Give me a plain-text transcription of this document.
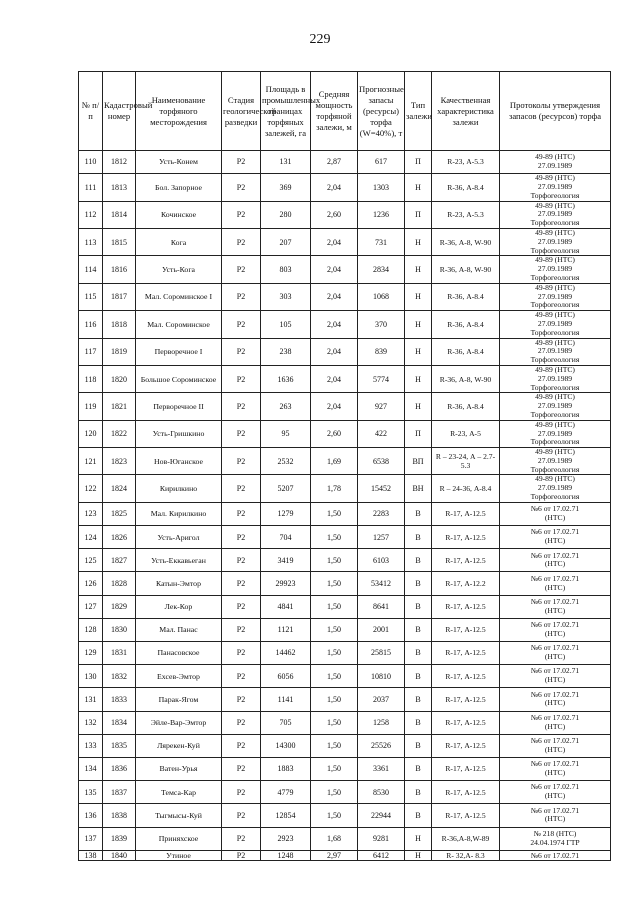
229
№ п/п	Кадастровый номер	Наименование торфяного месторождения	Стадия геологической разведки	Площадь в промышленных границах торфяных залежей, га	Средняя мощность торфяной залежи, м	Прогнозные запасы (ресурсы) торфа (W=40%), т	Тип залежи	Качественная характеристика залежи	Протоколы утверждения запасов (ресурсов) торфа
110	1812	Усть-Конем	Р2	131	2,87	617	П	R-23, А-5.3	49-89 (НТС)
27.09.1989

111	1813	Бол. Запорное	Р2	369	2,04	1303	Н	R-36, А-8.4	49-89 (НТС)
27.09.1989
Торфогеология

112	1814	Кочинское	Р2	280	2,60	1236	П	R-23, А-5.3	49-89 (НТС)
27.09.1989
Торфогеология

113	1815	Кога	Р2	207	2,04	731	Н	R-36, А-8, W-90	49-89 (НТС)
27.09.1989
Торфогеология

114	1816	Усть-Кога	Р2	803	2,04	2834	Н	R-36, А-8, W-90	49-89 (НТС)
27.09.1989
Торфогеология

115	1817	Мал. Сороминское I	Р2	303	2,04	1068	Н	R-36, А-8.4	49-89 (НТС)
27.09.1989
Торфогеология

116	1818	Мал. Сороминское	Р2	105	2,04	370	Н	R-36, А-8.4	49-89 (НТС)
27.09.1989
Торфогеология

117	1819	Перворечное I	Р2	238	2,04	839	Н	R-36, А-8.4	49-89 (НТС)
27.09.1989
Торфогеология

118	1820	Большое Сороминское	Р2	1636	2,04	5774	Н	R-36, А-8, W-90	49-89 (НТС)
27.09.1989
Торфогеология

119	1821	Перворечное II	Р2	263	2,04	927	Н	R-36, А-8.4	49-89 (НТС)
27.09.1989
Торфогеология

120	1822	Усть-Гришкино	Р2	95	2,60	422	П	R-23, А-5	49-89 (НТС)
27.09.1989
Торфогеология

121	1823	Нов-Юганское	Р2	2532	1,69	6538	ВП	R – 23-24, А – 2.7-5.3	49-89 (НТС)
27.09.1989
Торфогеология

122	1824	Кирилкино	Р2	5207	1,78	15452	ВН	R – 24-36, А-8.4	49-89 (НТС)
27.09.1989
Торфогеология

123	1825	Мал. Кирилкино	Р2	1279	1,50	2283	В	R-17, А-12.5	№6 от 17.02.71
(НТС)

124	1826	Усть-Аригол	Р2	704	1,50	1257	В	R-17, А-12.5	№6 от 17.02.71
(НТС)

125	1827	Усть-Еккавьеган	Р2	3419	1,50	6103	В	R-17, А-12.5	№6 от 17.02.71
(НТС)

126	1828	Катын-Эмтор	Р2	29923	1,50	53412	В	R-17, А-12.2	№6 от 17.02.71
(НТС)

127	1829	Лек-Кор	Р2	4841	1,50	8641	В	R-17, А-12.5	№6 от 17.02.71
(НТС)

128	1830	Мал. Панас	Р2	1121	1,50	2001	В	R-17, А-12.5	№6 от 17.02.71
(НТС)

129	1831	Панасовское	Р2	14462	1,50	25815	В	R-17, А-12.5	№6 от 17.02.71
(НТС)

130	1832	Ехсев-Эмтор	Р2	6056	1,50	10810	В	R-17, А-12.5	№6 от 17.02.71
(НТС)

131	1833	Парак-Ягом	Р2	1141	1,50	2037	В	R-17, А-12.5	№6 от 17.02.71
(НТС)

132	1834	Эйле-Вар-Эмтор	Р2	705	1,50	1258	В	R-17, А-12.5	№6 от 17.02.71
(НТС)

133	1835	Лярекен-Куй	Р2	14300	1,50	25526	В	R-17, А-12.5	№6 от 17.02.71
(НТС)

134	1836	Ватен-Урья	Р2	1883	1,50	3361	В	R-17, А-12.5	№6 от 17.02.71
(НТС)

135	1837	Темса-Кар	Р2	4779	1,50	8530	В	R-17, А-12.5	№6 от 17.02.71
(НТС)

136	1838	Тыгмысы-Куй	Р2	12854	1,50	22944	В	R-17, А-12.5	№6 от 17.02.71
(НТС)

137	1839	Приняхское	Р2	2923	1,68	9281	Н	R-36,А-8,W-89	№ 218 (НТС)
24.04.1974 ГТР

138	1840	Утиное	Р2	1248	2,97	6412	Н	R- 32,А- 8.3	№6 от 17.02.71
